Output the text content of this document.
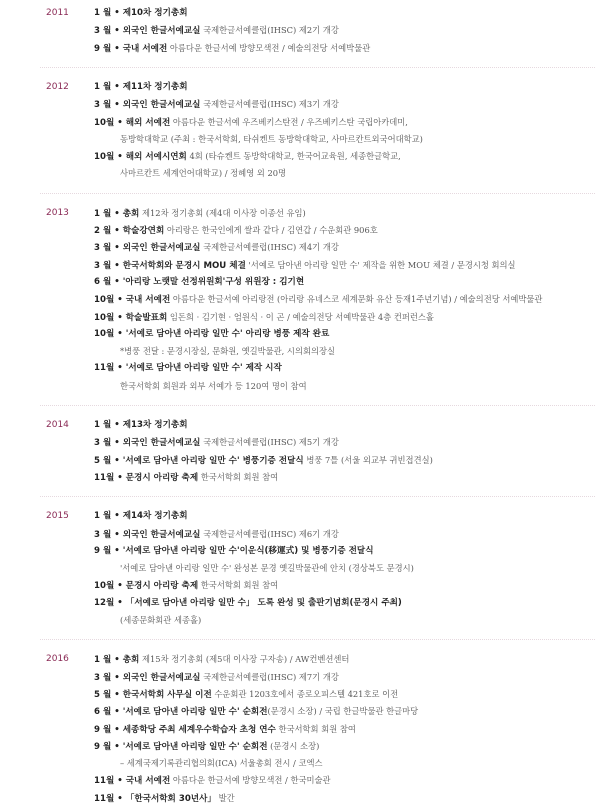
2011	1 월 • 제10차 정기총회
3 월 • 외국인 한글서예교실 국제한글서예클럽(IHSC) 제2기 개강
9 월 • 국내 서예전 아름다운 한글서예 방향모색전 / 예술의전당 서예박물관
2012	1 월 • 제11차 정기총회
3 월 • 외국인 한글서예교실 국제한글서예클럽(IHSC) 제3기 개강
10월 • 해외 서예전 아름다운 한글서예 우즈베키스탄전 / 우즈베키스탄 국립아카데미,
동방학대학교 (주최 : 한국서학회, 타쉬켄트 동방학대학교, 사마르칸트외국어대학교)
10월 • 해외 서예시연회 4회 (타슈켄트 동방학대학교, 한국어교육원, 세종한글학교,
사마르칸트 세계언어대학교) / 정혜영 외 20명
2013	1 월 • 총회 제12차 정기총회 (제4대 이사장 이종선 유임)
2 월 • 학술강연회 아리랑은 한국인에게 쌀과 같다 / 김연갑 / 수운회관 906호
3 월 • 외국인 한글서예교실 국제한글서예클럽(IHSC) 제4기 개강
3 월 • 한국서학회와 문경시 MOU 체결 '서예로 담아낸 아리랑 일만 수' 제작을 위한 MOU 체결 / 문경시청 회의실
6 월 • '아리랑 노랫말 선정위원회'구성 위원장 : 김기현
10월 • 국내 서예전 아름다운 한글서예 아리랑전 (아리랑 유네스코 세계문화 유산 등재1주년기념) / 예술의전당 서예박물관
10월 • 학술발표회 임돈희 · 김기현 · 엄원식 · 이 곤 / 예술의전당 서예박물관 4층 컨퍼런스홀
10월 • '서예로 담아낸 아리랑 일만 수' 아리랑 병풍 제작 완료
*병풍 전달 : 문경시장실, 문화원, 옛길박물관, 시의회의장실
11월 • '서예로 담아낸 아리랑 일만 수' 제작 시작
한국서학회 회원과 외부 서예가 등 120여 명이 참여
2014	1 월 • 제13차 정기총회
3 월 • 외국인 한글서예교실 국제한글서예클럽(IHSC) 제5기 개강
5 월 • '서예로 담아낸 아리랑 일만 수' 병풍기증 전달식 병풍 7틀 (서울 외교부 귀빈접견실)
11월 • 문경시 아리랑 축제 한국서학회 회원 참여
2015	1 월 • 제14차 정기총회
3 월 • 외국인 한글서예교실 국제한글서예클럽(IHSC) 제6기 개강
9 월 • '서예로 담아낸 아리랑 일만 수'이운식(移運式) 및 병풍기증 전달식
'서예로 담아낸 아리랑 일만 수' 완성본 문경 옛길박물관에 안치 (경상북도 문경시)
10월 • 문경시 아리랑 축제 한국서학회 회원 참여
12월 • 「서예로 담아낸 아리랑 일만 수」 도록 완성 및 출판기념회(문경시 주최)
(세종문화회관 세종홀)
2016	1 월 • 총회 제15차 정기총회 (제5대 이사장 구자송) / AW컨벤션센터
3 월 • 외국인 한글서예교실 국제한글서예클럽(IHSC) 제7기 개강
5 월 • 한국서학회 사무실 이전 수운회관 1203호에서 종로오피스텔 421호로 이전
6 월 • '서예로 담아낸 아리랑 일만 수' 순회전(문경시 소장) / 국립 한글박물관 한글마당
9 월 • 세종학당 주최 세계우수학습자 초청 연수 한국서학회 회원 참여
9 월 • '서예로 담아낸 아리랑 일만 수' 순회전 (문경시 소장)
– 세계국제기록관리협의회(ICA) 서울총회 전시 / 코엑스
11월 • 국내 서예전 아름다운 한글서예 방향모색전 / 한국미술관
11월 • 「한국서학회 30년사」 발간
